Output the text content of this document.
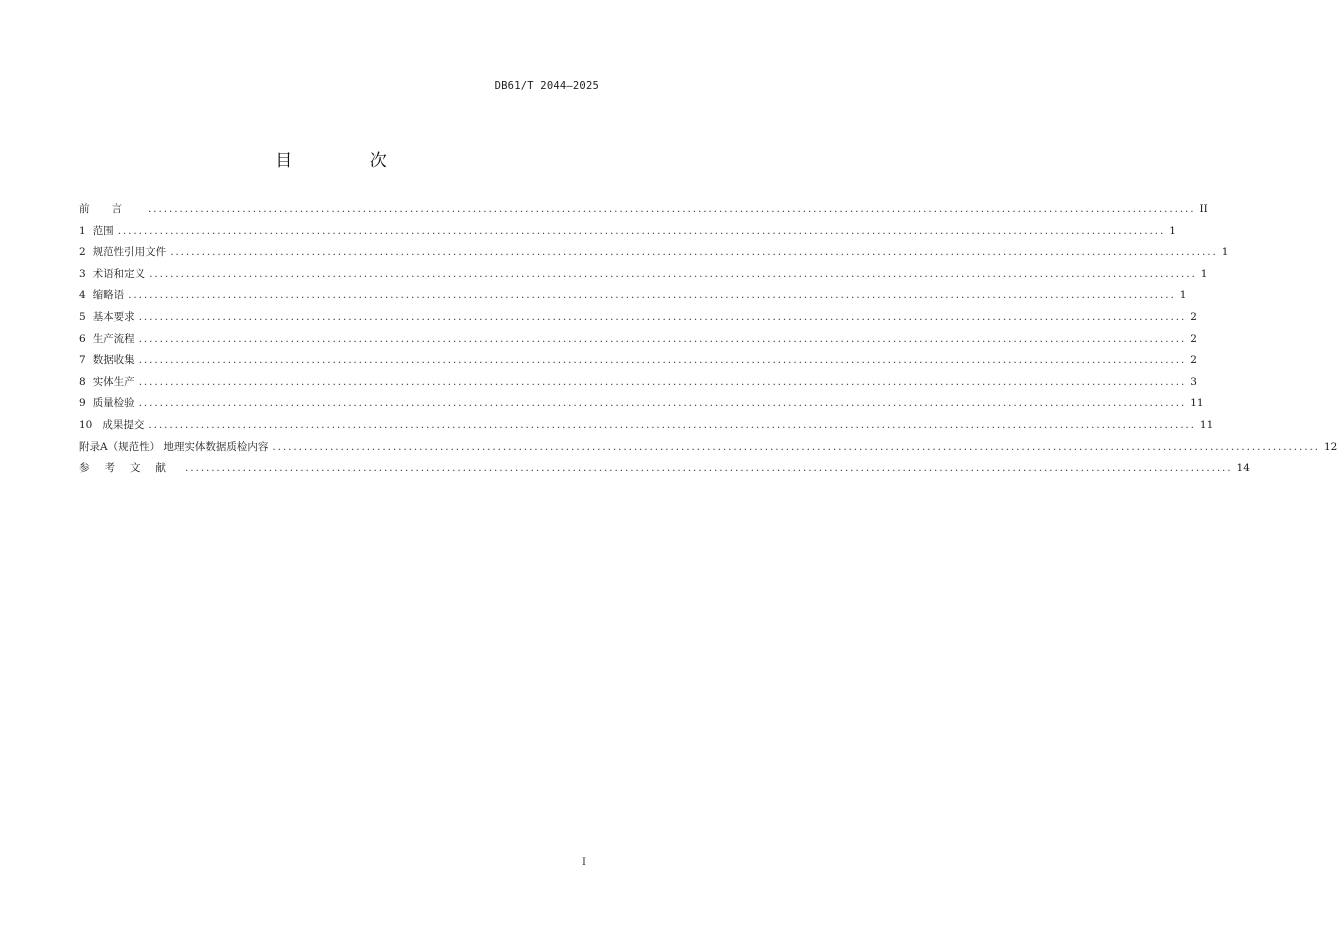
DB61/T 2044—2025
目 次
前言 ........................................................................................................................................................................................................ II
1 范围 ........................................................................................................................................................................................................ 1
2 规范性引用文件 ........................................................................................................................................................................................................ 1
3 术语和定义 ........................................................................................................................................................................................................ 1
4 缩略语 ........................................................................................................................................................................................................ 1
5 基本要求 ........................................................................................................................................................................................................ 2
6 生产流程 ........................................................................................................................................................................................................ 2
7 数据收集 ........................................................................................................................................................................................................ 2
8 实体生产 ........................................................................................................................................................................................................ 3
9 质量检验 ........................................................................................................................................................................................................ 11
10 成果提交 ........................................................................................................................................................................................................ 11
附录A（规范性） 地理实体数据质检内容 ........................................................................................................................................................................................................ 12
参考文献 ........................................................................................................................................................................................................ 14
I
